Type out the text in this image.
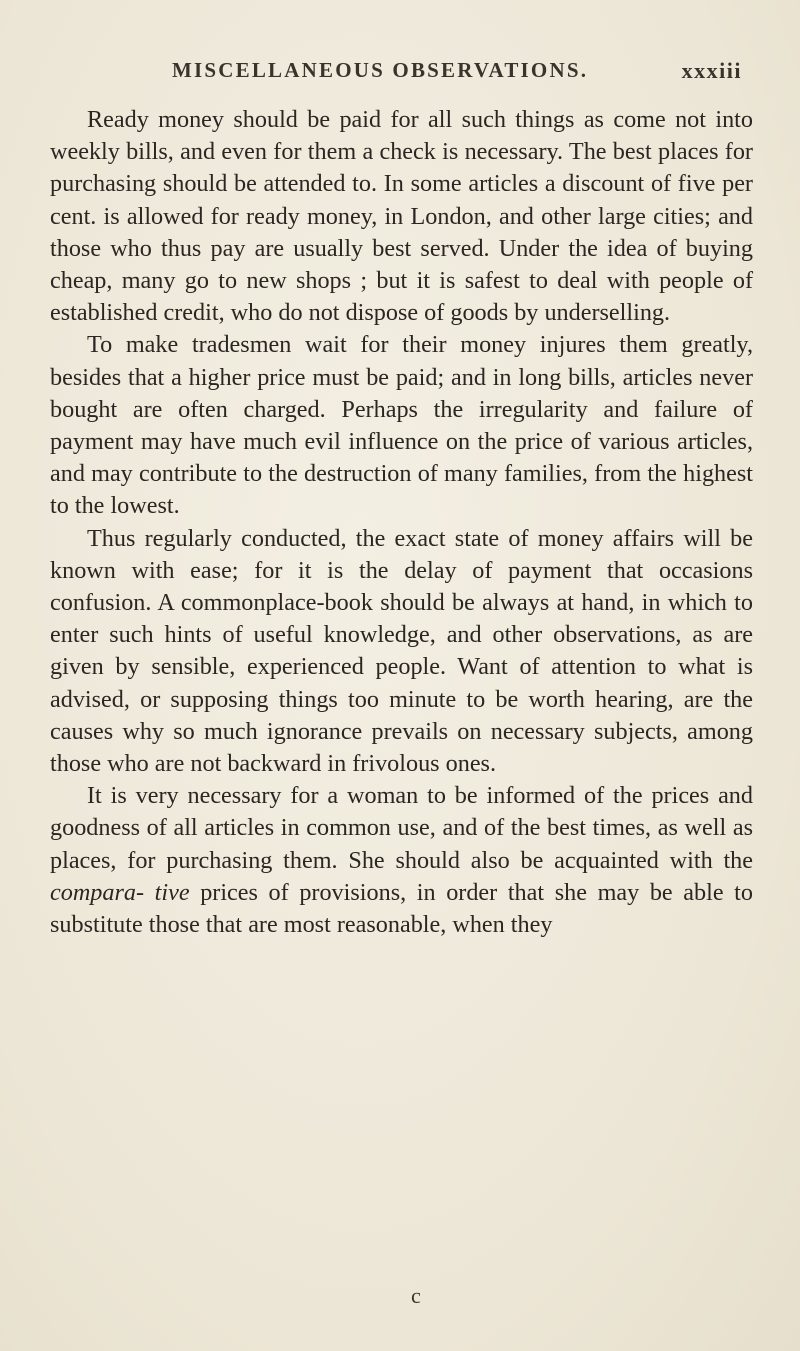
MISCELLANEOUS OBSERVATIONS.	xxxiii

Ready money should be paid for all such things as come not into weekly bills, and even for them a check is necessary. The best places for purchasing should be attended to. In some articles a discount of five per cent. is allowed for ready money, in London, and other large cities; and those who thus pay are usually best served. Under the idea of buying cheap, many go to new shops ; but it is safest to deal with people of established credit, who do not dispose of goods by underselling.

To make tradesmen wait for their money injures them greatly, besides that a higher price must be paid; and in long bills, articles never bought are often charged. Perhaps the irregularity and failure of payment may have much evil influence on the price of various articles, and may contribute to the destruction of many families, from the highest to the lowest.

Thus regularly conducted, the exact state of money affairs will be known with ease; for it is the delay of payment that occasions confusion. A commonplace-book should be always at hand, in which to enter such hints of useful knowledge, and other observations, as are given by sensible, experienced people. Want of attention to what is advised, or supposing things too minute to be worth hearing, are the causes why so much ignorance prevails on necessary subjects, among those who are not backward in frivolous ones.

It is very necessary for a woman to be informed of the prices and goodness of all articles in common use, and of the best times, as well as places, for purchasing them. She should also be acquainted with the compara- tive prices of provisions, in order that she may be able to substitute those that are most reasonable, when they

c
